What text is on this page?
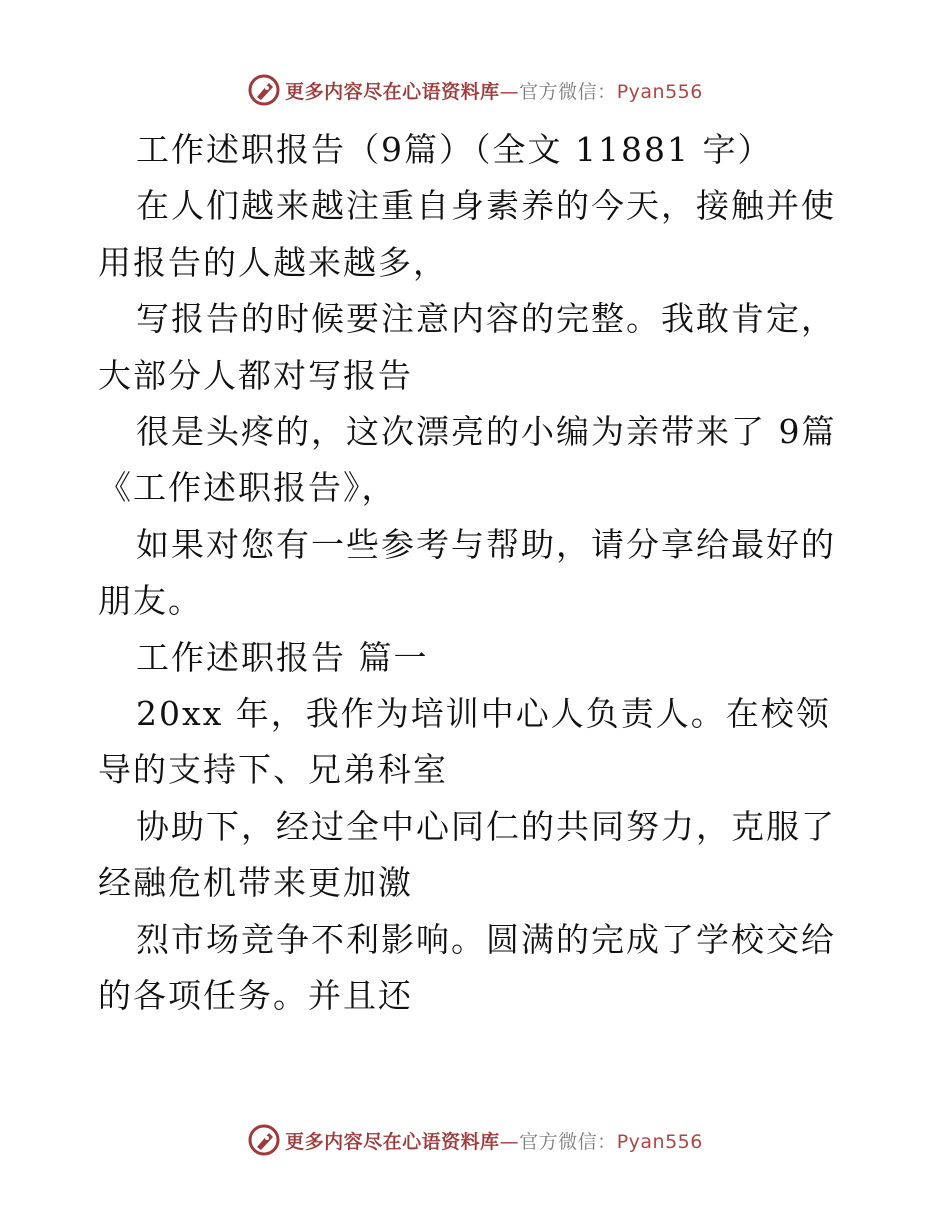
更多内容尽在心语资料库—官方微信：Pyan556

工作述职报告（9篇）（全文 11881 字）

在人们越来越注重自身素养的今天，接触并使用报告的人越来越多，

写报告的时候要注意内容的完整。我敢肯定，大部分人都对写报告

很是头疼的，这次漂亮的小编为亲带来了 9篇《工作述职报告》，

如果对您有一些参考与帮助，请分享给最好的朋友。

工作述职报告 篇一

20xx 年，我作为培训中心人负责人。在校领导的支持下、兄弟科室

协助下，经过全中心同仁的共同努力，克服了经融危机带来更加激

烈市场竞争不利影响。圆满的完成了学校交给的各项任务。并且还

更多内容尽在心语资料库—官方微信：Pyan556
